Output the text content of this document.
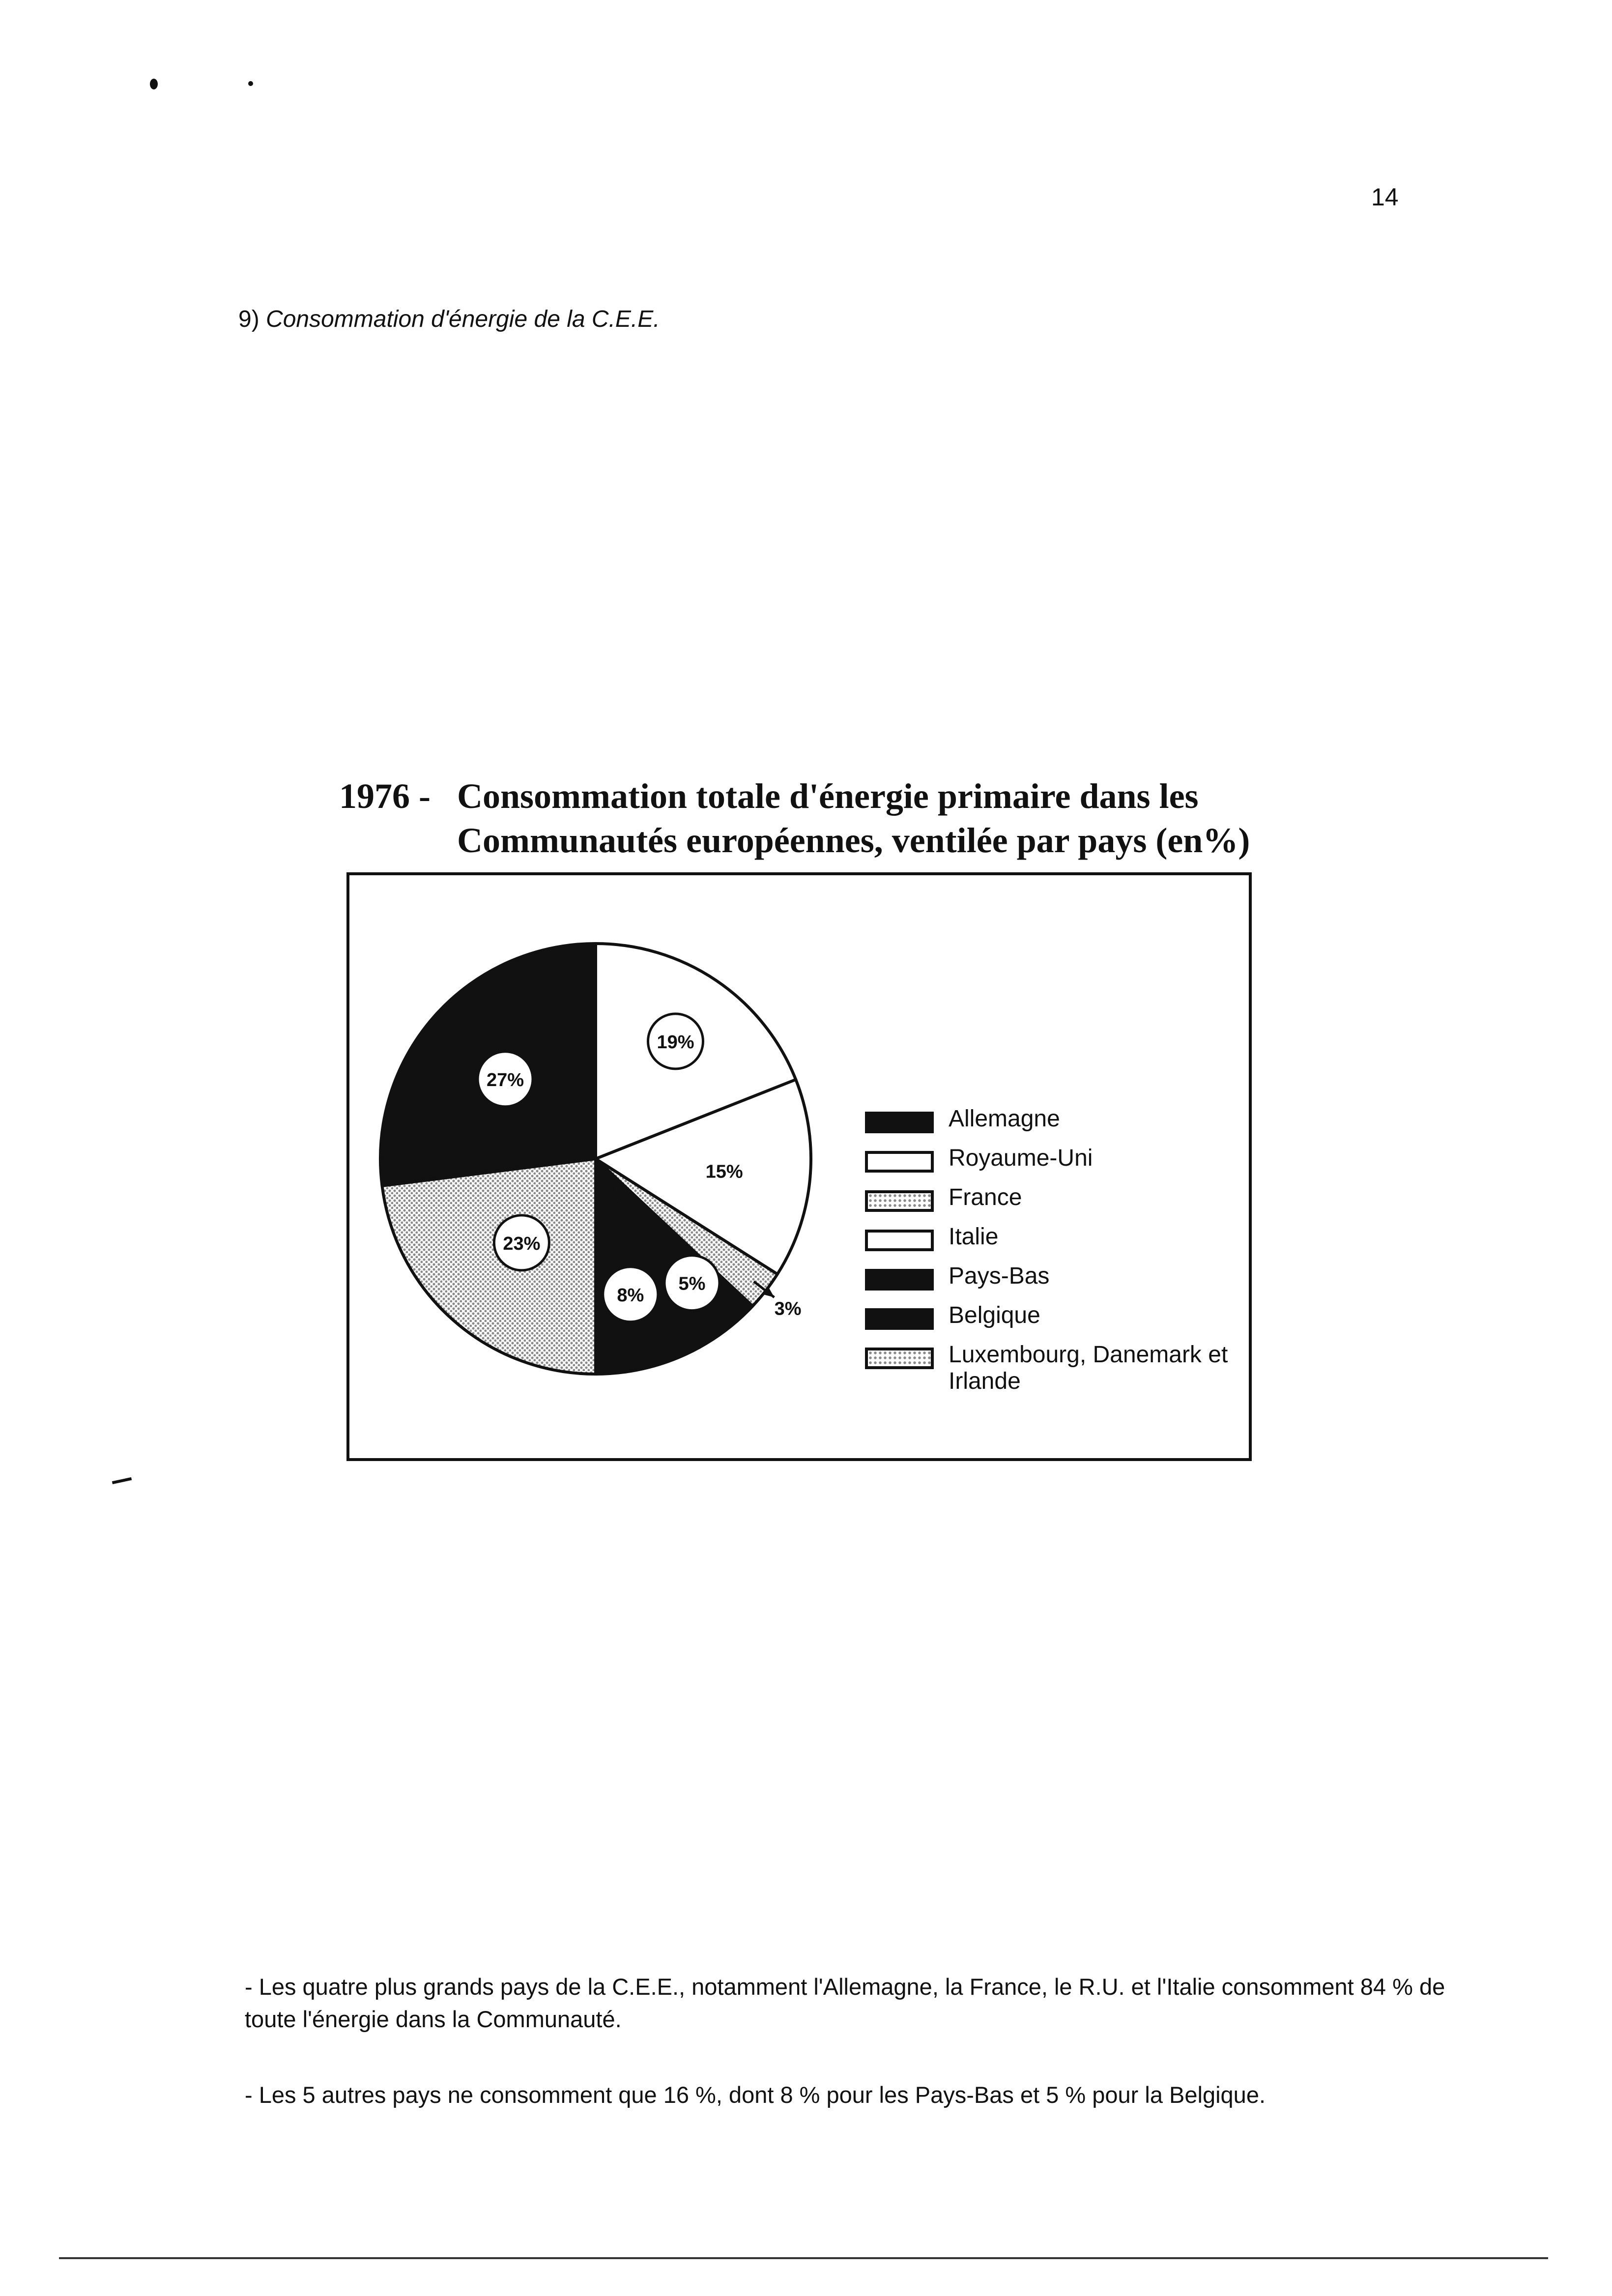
14
9) Consommation d'énergie de la C.E.E.
1976 - Consommation totale d'énergie primaire dans les
Communautés européennes, ventilée par pays (en%)
19%
15%
3%
5%
8%
23%
27%
Allemagne
Royaume-Uni
France
Italie
Pays-Bas
Belgique
Luxembourg, Danemark et Irlande
- Les quatre plus grands pays de la C.E.E., notamment l'Allemagne, la France, le R.U. et l'Italie consomment 84 % de toute l'énergie dans la Communauté.
- Les 5 autres pays ne consomment que 16 %, dont 8 % pour les Pays-Bas et 5 % pour la Belgique.
